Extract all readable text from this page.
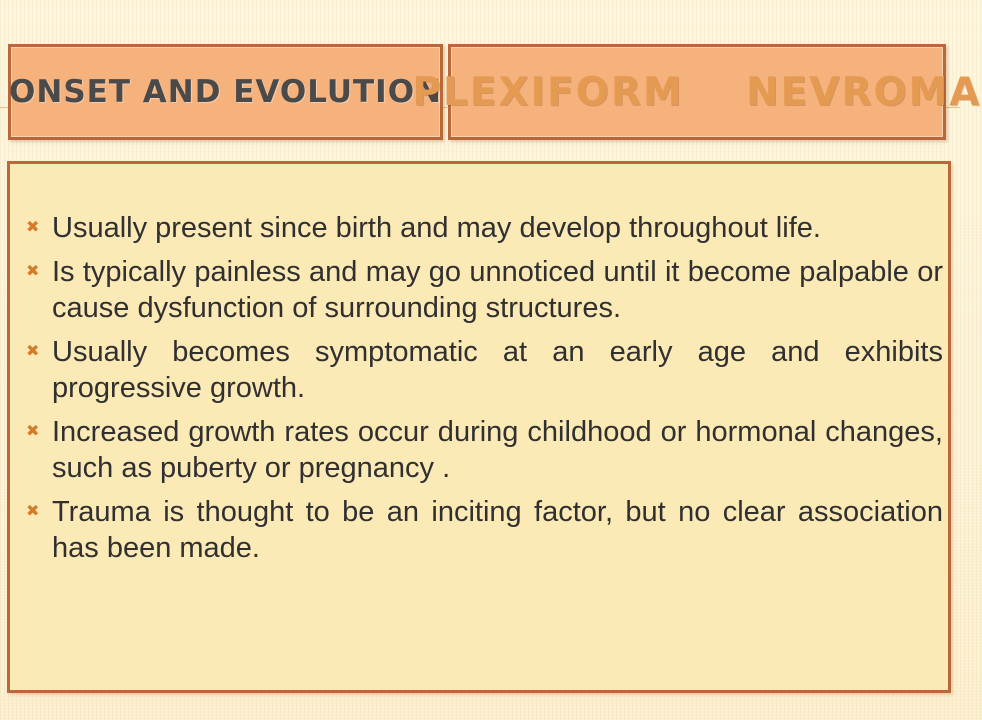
ONSET AND EVOLUTION
PLEXIFORM    NEVROMA
✖ Usually present since birth and may develop throughout life.
✖ Is typically painless and may go unnoticed until it become palpable or cause dysfunction of surrounding structures.
✖ Usually becomes symptomatic at an early age and exhibits progressive growth.
✖ Increased growth rates occur during childhood or hormonal changes, such as puberty or pregnancy .
✖ Trauma is thought to be an inciting factor, but no clear association has been made.
